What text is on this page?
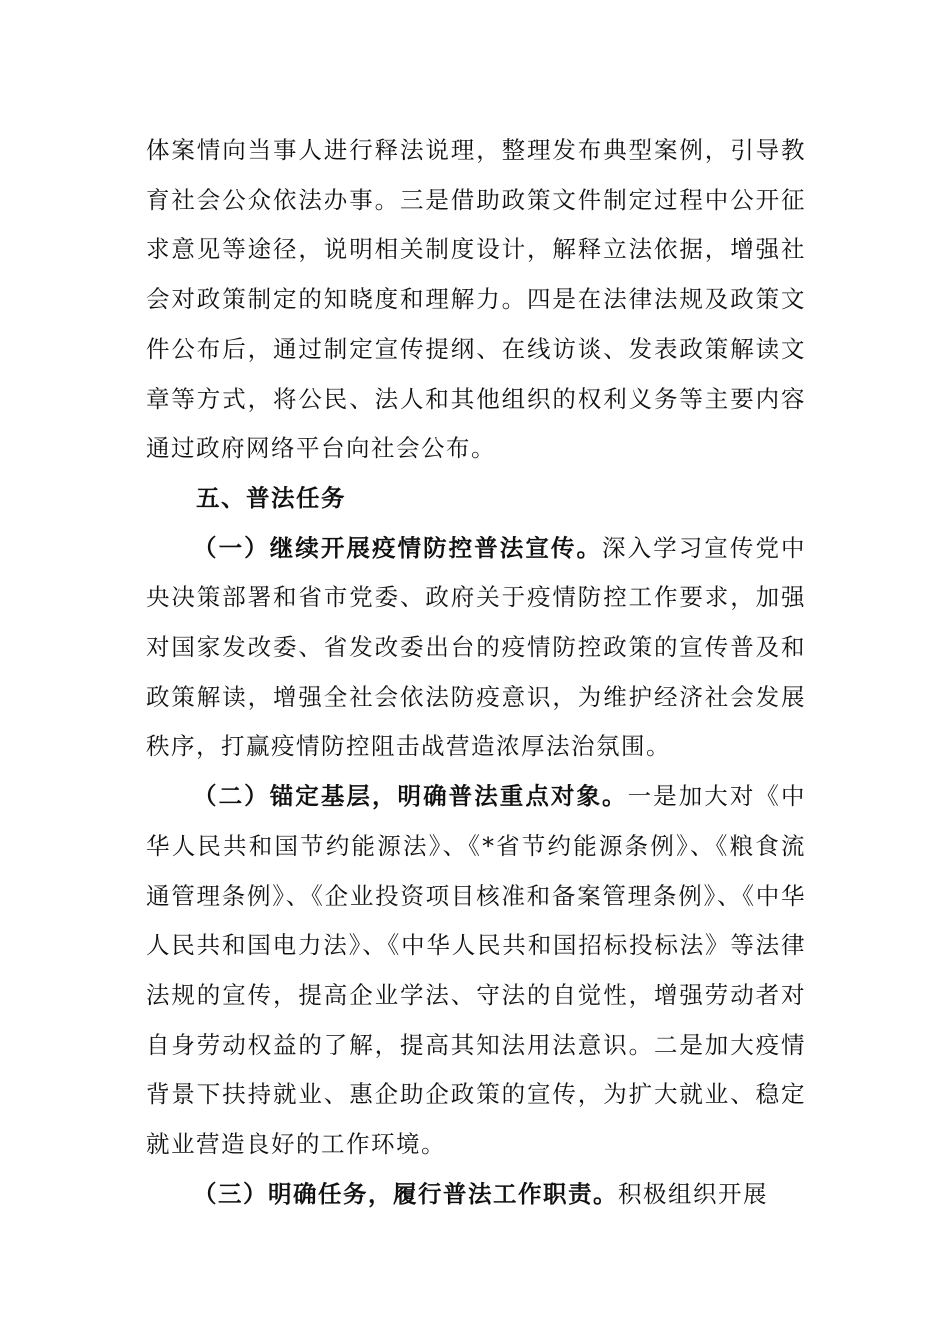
体案情向当事人进行释法说理，整理发布典型案例，引导教育社会公众依法办事。三是借助政策文件制定过程中公开征求意见等途径，说明相关制度设计，解释立法依据，增强社会对政策制定的知晓度和理解力。四是在法律法规及政策文件公布后，通过制定宣传提纲、在线访谈、发表政策解读文章等方式，将公民、法人和其他组织的权利义务等主要内容通过政府网络平台向社会公布。

五、普法任务

（一）继续开展疫情防控普法宣传。深入学习宣传党中央决策部署和省市党委、政府关于疫情防控工作要求，加强对国家发改委、省发改委出台的疫情防控政策的宣传普及和政策解读，增强全社会依法防疫意识，为维护经济社会发展秩序，打赢疫情防控阻击战营造浓厚法治氛围。

（二）锚定基层，明确普法重点对象。一是加大对《中华人民共和国节约能源法》、《*省节约能源条例》、《粮食流通管理条例》、《企业投资项目核准和备案管理条例》、《中华人民共和国电力法》、《中华人民共和国招标投标法》等法律法规的宣传，提高企业学法、守法的自觉性，增强劳动者对自身劳动权益的了解，提高其知法用法意识。二是加大疫情背景下扶持就业、惠企助企政策的宣传，为扩大就业、稳定就业营造良好的工作环境。

（三）明确任务，履行普法工作职责。积极组织开展
